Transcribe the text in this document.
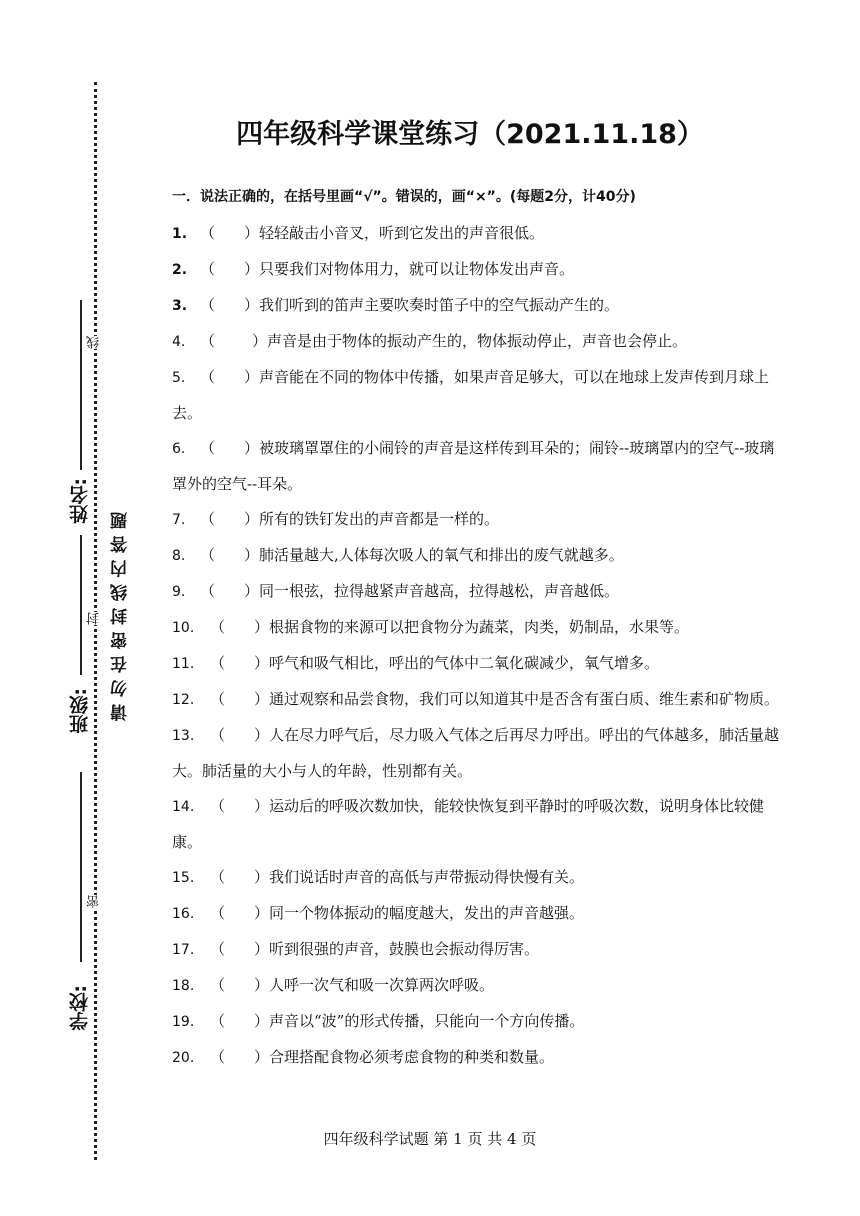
姓名:
班级:
学校:
线
封
密
请勿在密封线内答题
四年级科学课堂练习（2021.11.18）
一．说法正确的，在括号里画“√”。错误的，画“×”。(每题2分，计40分)

1. （ ）轻轻敲击小音叉，听到它发出的声音很低。

2. （ ）只要我们对物体用力，就可以让物体发出声音。

3. （ ）我们听到的笛声主要吹奏时笛子中的空气振动产生的。

4. （ ）声音是由于物体的振动产生的，物体振动停止，声音也会停止。

5. （ ）声音能在不同的物体中传播，如果声音足够大，可以在地球上发声传到月球上去。

6. （ ）被玻璃罩罩住的小闹铃的声音是这样传到耳朵的；闹铃--玻璃罩内的空气--玻璃罩外的空气--耳朵。

7. （ ）所有的铁钉发出的声音都是一样的。

8. （ ）肺活量越大,人体每次吸人的氧气和排出的废气就越多。

9. （ ）同一根弦，拉得越紧声音越高，拉得越松，声音越低。

10. （ ）根据食物的来源可以把食物分为蔬菜，肉类，奶制品，水果等。

11. （ ）呼气和吸气相比，呼出的气体中二氧化碳减少，氧气增多。

12. （ ）通过观察和品尝食物，我们可以知道其中是否含有蛋白质、维生素和矿物质。

13. （ ）人在尽力呼气后，尽力吸入气体之后再尽力呼出。呼出的气体越多，肺活量越大。肺活量的大小与人的年龄，性别都有关。

14. （ ）运动后的呼吸次数加快，能较快恢复到平静时的呼吸次数，说明身体比较健康。

15. （ ）我们说话时声音的高低与声带振动得快慢有关。

16. （ ）同一个物体振动的幅度越大，发出的声音越强。

17. （ ）听到很强的声音，鼓膜也会振动得厉害。

18. （ ）人呼一次气和吸一次算两次呼吸。

19. （ ）声音以“波”的形式传播，只能向一个方向传播。

20. （ ）合理搭配食物必须考虑食物的种类和数量。

四年级科学试题 第 1 页 共 4 页
